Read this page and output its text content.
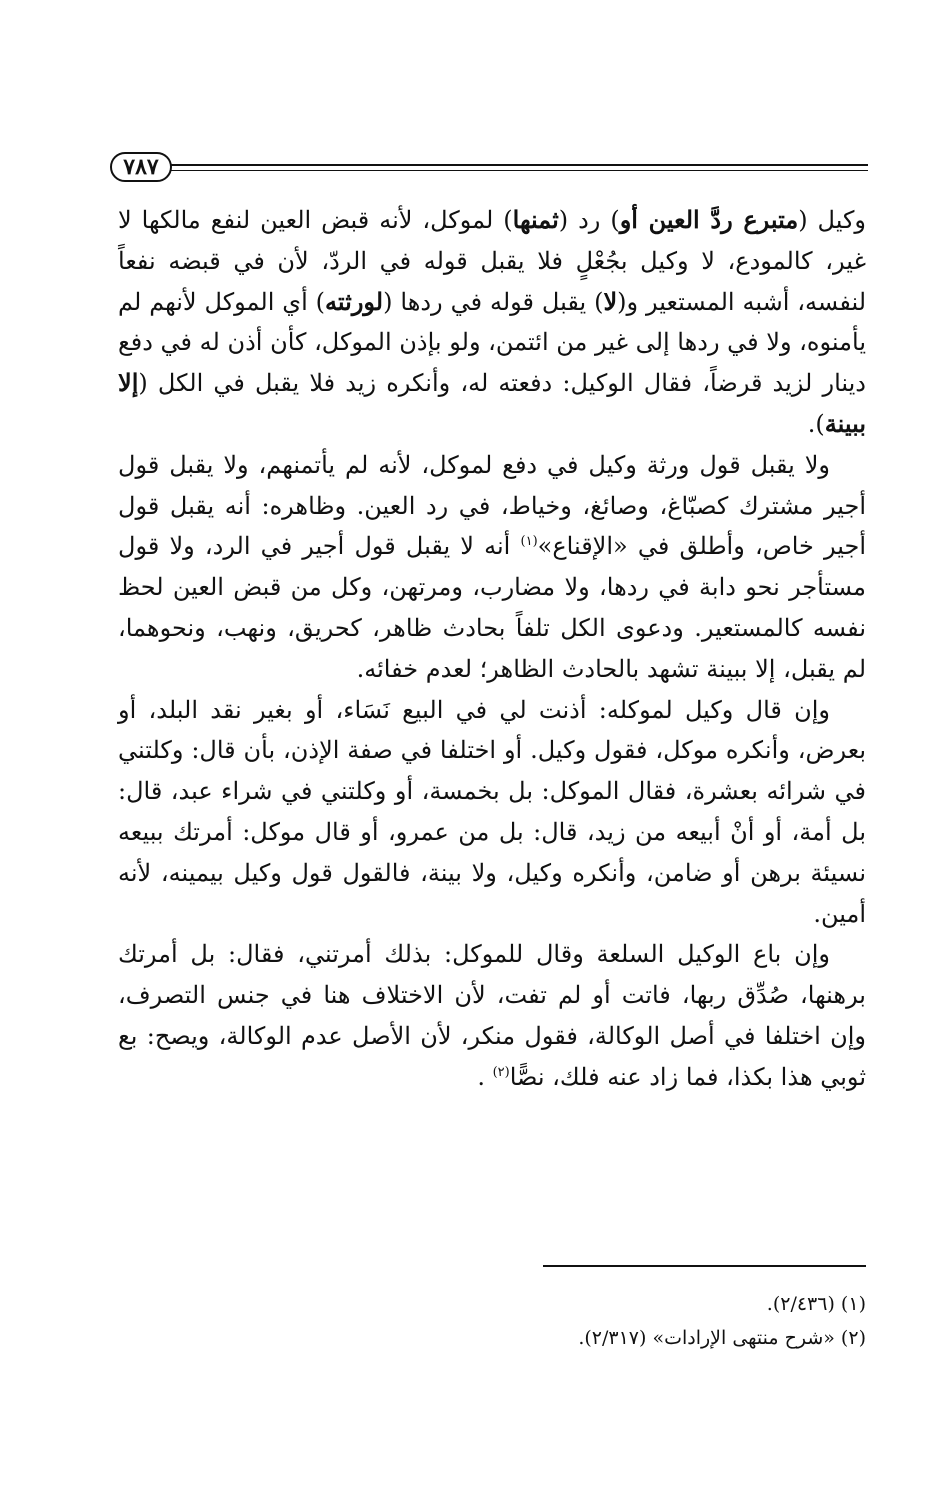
٧٨٧

وكيل (متبرع ردَّ العين أو) رد (ثمنها) لموكل، لأنه قبض العين لنفع مالكها لا غير، كالمودع، لا وكيل بجُعْلٍ فلا يقبل قوله في الردّ، لأن في قبضه نفعاً لنفسه، أشبه المستعير و(لا) يقبل قوله في ردها (لورثته) أي الموكل لأنهم لم يأمنوه، ولا في ردها إلى غير من ائتمن، ولو بإذن الموكل، كأن أذن له في دفع دينار لزيد قرضاً، فقال الوكيل: دفعته له، وأنكره زيد فلا يقبل في الكل (إلا ببينة).

ولا يقبل قول ورثة وكيل في دفع لموكل، لأنه لم يأتمنهم، ولا يقبل قول أجير مشترك كصبّاغ، وصائغ، وخياط، في رد العين. وظاهره: أنه يقبل قول أجير خاص، وأطلق في «الإقناع»$^{(١)}$ أنه لا يقبل قول أجير في الرد، ولا قول مستأجر نحو دابة في ردها، ولا مضارب، ومرتهن، وكل من قبض العين لحظ نفسه كالمستعير. ودعوى الكل تلفاً بحادث ظاهر، كحريق، ونهب، ونحوهما، لم يقبل، إلا ببينة تشهد بالحادث الظاهر؛ لعدم خفائه.

وإن قال وكيل لموكله: أذنت لي في البيع نَسَاء، أو بغير نقد البلد، أو بعرض، وأنكره موكل، فقول وكيل. أو اختلفا في صفة الإذن، بأن قال: وكلتني في شرائه بعشرة، فقال الموكل: بل بخمسة، أو وكلتني في شراء عبد، قال: بل أمة، أو أنْ أبيعه من زيد، قال: بل من عمرو، أو قال موكل: أمرتك ببيعه نسيئة برهن أو ضامن، وأنكره وكيل، ولا بينة، فالقول قول وكيل بيمينه، لأنه أمين.

وإن باع الوكيل السلعة وقال للموكل: بذلك أمرتني، فقال: بل أمرتك برهنها، صُدِّق ربها، فاتت أو لم تفت، لأن الاختلاف هنا في جنس التصرف، وإن اختلفا في أصل الوكالة، فقول منكر، لأن الأصل عدم الوكالة، ويصح: بع ثوبي هذا بكذا، فما زاد عنه فلك، نصًّا$^{(٢)}$ .

(١) (٢/٤٣٦).

(٢) «شرح منتهى الإرادات» (٢/٣١٧).
